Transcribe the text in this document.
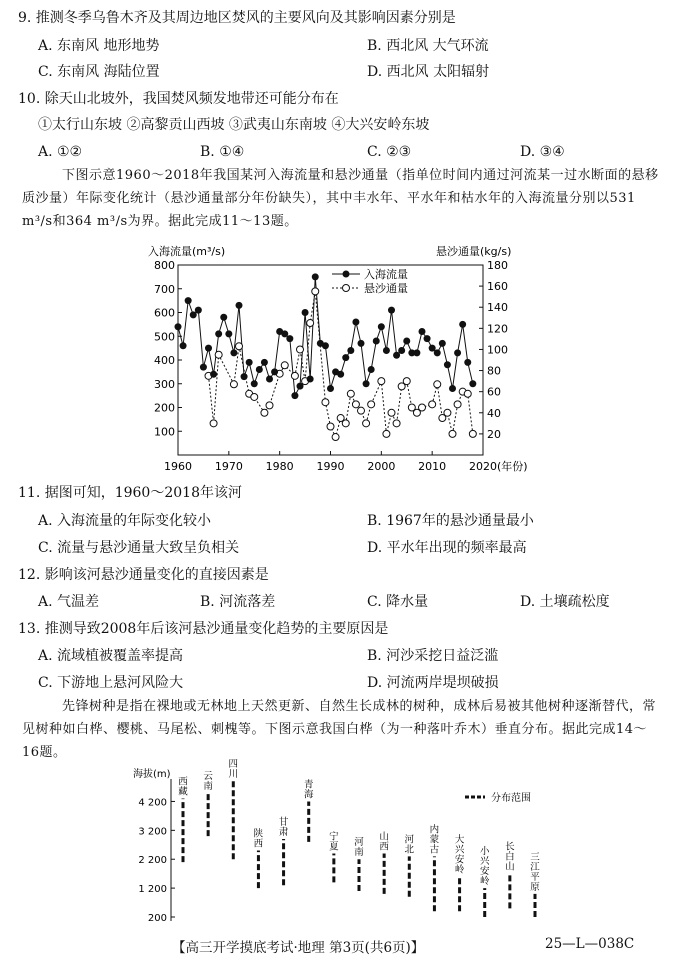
9. 推测冬季乌鲁木齐及其周边地区焚风的主要风向及其影响因素分别是
A. 东南风 地形地势	B. 西北风 大气环流
C. 东南风 海陆位置	D. 西北风 太阳辐射
10. 除天山北坡外，我国焚风频发地带还可能分布在
①太行山东坡 ②高黎贡山西坡 ③武夷山东南坡 ④大兴安岭东坡
A. ①②	B. ①④	C. ②③	D. ③④
下图示意1960～2018年我国某河入海流量和悬沙通量（指单位时间内通过河流某一过水断面的悬移质沙量）年际变化统计（悬沙通量部分年份缺失），其中丰水年、平水年和枯水年的入海流量分别以531 m³/s和364 m³/s为界。据此完成11～13题。
入海流量(m³/s)	悬沙通量(kg/s)
100
200
300
400
500
600
700
800
20
40
60
80
100
120
140
160
180
1960 1970 1980 1990 2000 2010 2020 (年份)
入海流量
悬沙通量
11. 据图可知，1960～2018年该河
A. 入海流量的年际变化较小	B. 1967年的悬沙通量最小
C. 流量与悬沙通量大致呈负相关	D. 平水年出现的频率最高
12. 影响该河悬沙通量变化的直接因素是
A. 气温差	B. 河流落差	C. 降水量	D. 土壤疏松度
13. 推测导致2008年后该河悬沙通量变化趋势的主要原因是
A. 流域植被覆盖率提高	B. 河沙采挖日益泛滥
C. 下游地上悬河风险大	D. 河流两岸堤坝破损
先锋树种是指在裸地或无林地上天然更新、自然生长成林的树种，成林后易被其他树种逐渐替代，常见树种如白桦、樱桃、马尾松、刺槐等。下图示意我国白桦（为一种落叶乔木）垂直分布。据此完成14～16题。
海拔(m)
4 200
3 200
2 200
1 200
200
西
藏
云
南
四
川
陕
西
甘
肃
青
海
宁
夏 河
南
山
西
河
北
内
蒙
古
大
兴
安
岭
小
兴
安
岭
长
白
山
三
江
平
原
分布范围
【高三开学摸底考试·地理 第3页(共6页)】	25—L—038C
